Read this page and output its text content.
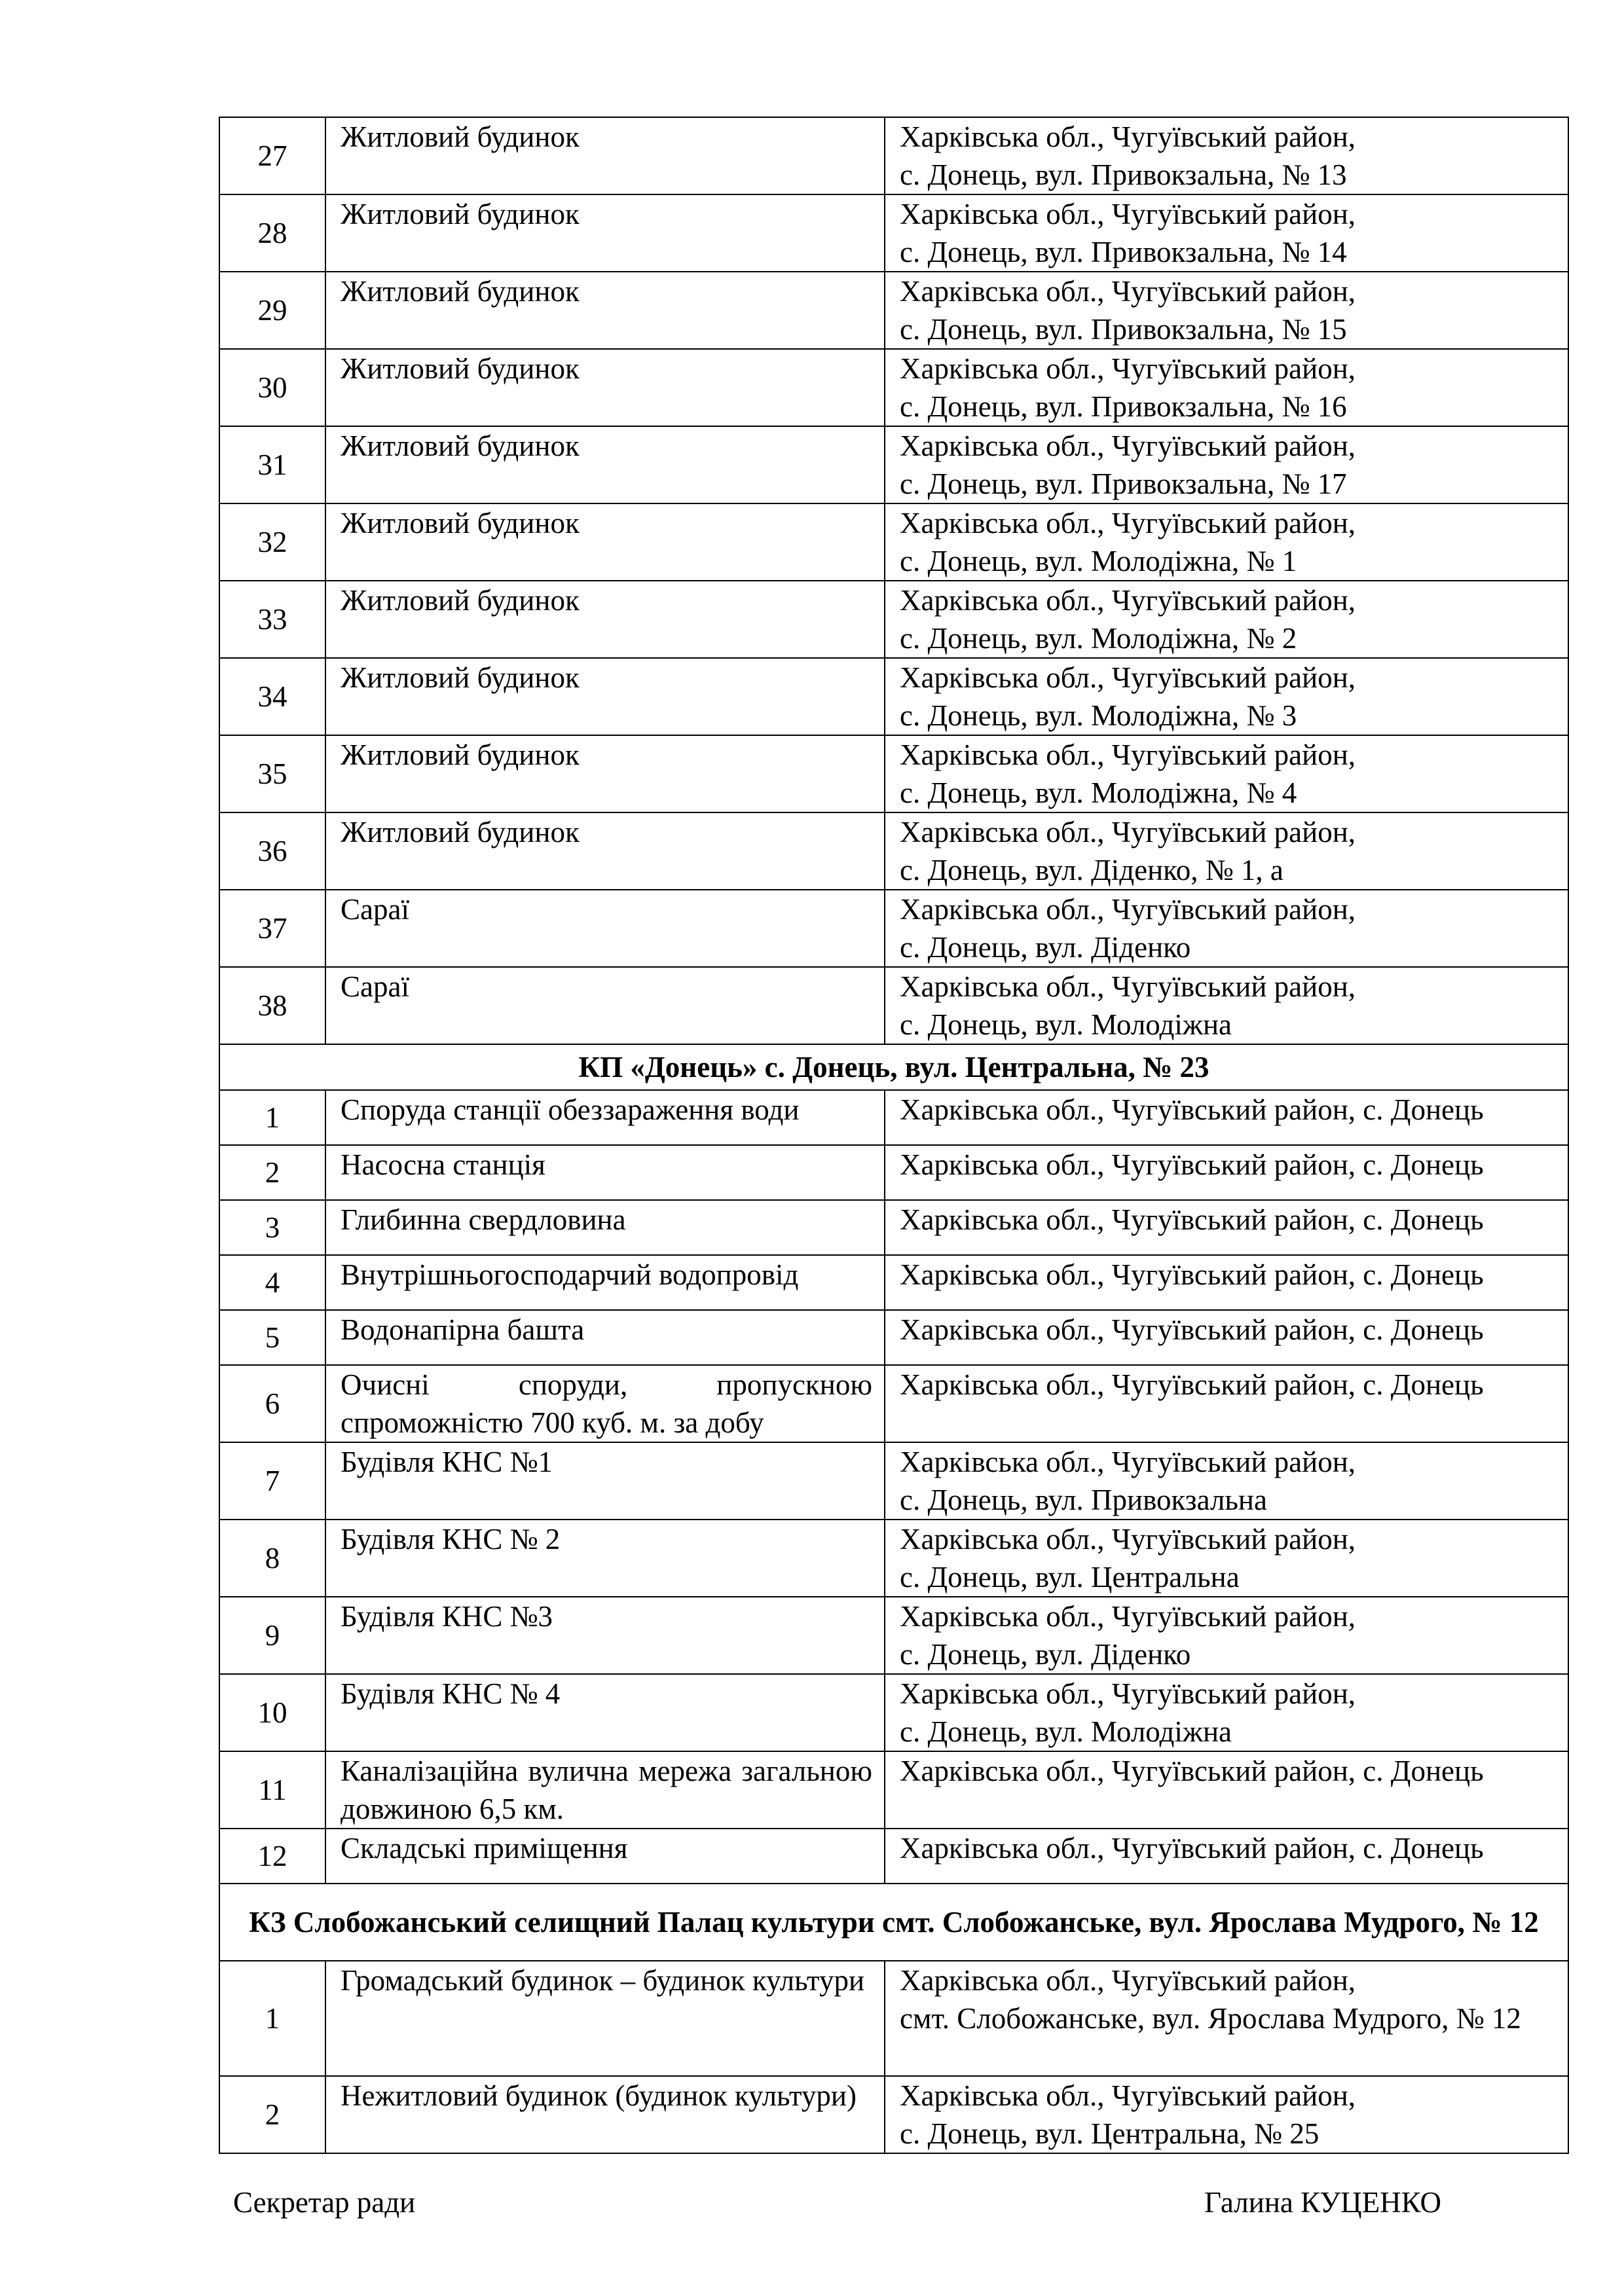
27	Житловий будинок	Харківська обл., Чугуївський район,
с. Донець, вул. Привокзальна, № 13

28	Житловий будинок	Харківська обл., Чугуївський район,
с. Донець, вул. Привокзальна, № 14

29	Житловий будинок	Харківська обл., Чугуївський район,
с. Донець, вул. Привокзальна, № 15

30	Житловий будинок	Харківська обл., Чугуївський район,
с. Донець, вул. Привокзальна, № 16

31	Житловий будинок	Харківська обл., Чугуївський район,
с. Донець, вул. Привокзальна, № 17

32	Житловий будинок	Харківська обл., Чугуївський район,
с. Донець, вул. Молодіжна, № 1

33	Житловий будинок	Харківська обл., Чугуївський район,
с. Донець, вул. Молодіжна, № 2

34	Житловий будинок	Харківська обл., Чугуївський район,
с. Донець, вул. Молодіжна, № 3

35	Житловий будинок	Харківська обл., Чугуївський район,
с. Донець, вул. Молодіжна, № 4

36	Житловий будинок	Харківська обл., Чугуївський район,
с. Донець, вул. Діденко, № 1, а

37	Сараї	Харківська обл., Чугуївський район,
с. Донець, вул. Діденко

38	Сараї	Харківська обл., Чугуївський район,
с. Донець, вул. Молодіжна

КП «Донець» с. Донець, вул. Центральна, № 23		
1	Споруда станції обеззараження води	Харківська обл., Чугуївський район, с. Донець
2	Насосна станція	Харківська обл., Чугуївський район, с. Донець
3	Глибинна свердловина	Харківська обл., Чугуївський район, с. Донець
4	Внутрішньогосподарчий водопровід	Харківська обл., Чугуївський район, с. Донець
5	Водонапірна башта	Харківська обл., Чугуївський район, с. Донець
6	Очисні споруди, пропускною спроможністю 700 куб. м. за добу	Харківська обл., Чугуївський район, с. Донець
7	Будівля КНС №1	Харківська обл., Чугуївський район,
с. Донець, вул. Привокзальна

8	Будівля КНС № 2	Харківська обл., Чугуївський район,
с. Донець, вул. Центральна

9	Будівля КНС №3	Харківська обл., Чугуївський район,
с. Донець, вул. Діденко

10	Будівля КНС № 4	Харківська обл., Чугуївський район,
с. Донець, вул. Молодіжна

11	Каналізаційна вулична мережа загальною довжиною 6,5 км.	Харківська обл., Чугуївський район, с. Донець
12	Складські приміщення	Харківська обл., Чугуївський район, с. Донець
КЗ Слобожанський селищний Палац культури смт. Слобожанське, вул. Ярослава Мудрого, № 12		
1	Громадський будинок – будинок культури	Харківська обл., Чугуївський район,
смт. Слобожанське, вул. Ярослава Мудрого, № 12

2	Нежитловий будинок (будинок культури)	Харківська обл., Чугуївський район,
с. Донець, вул. Центральна, № 25
Секретар ради	Галина КУЦЕНКО
